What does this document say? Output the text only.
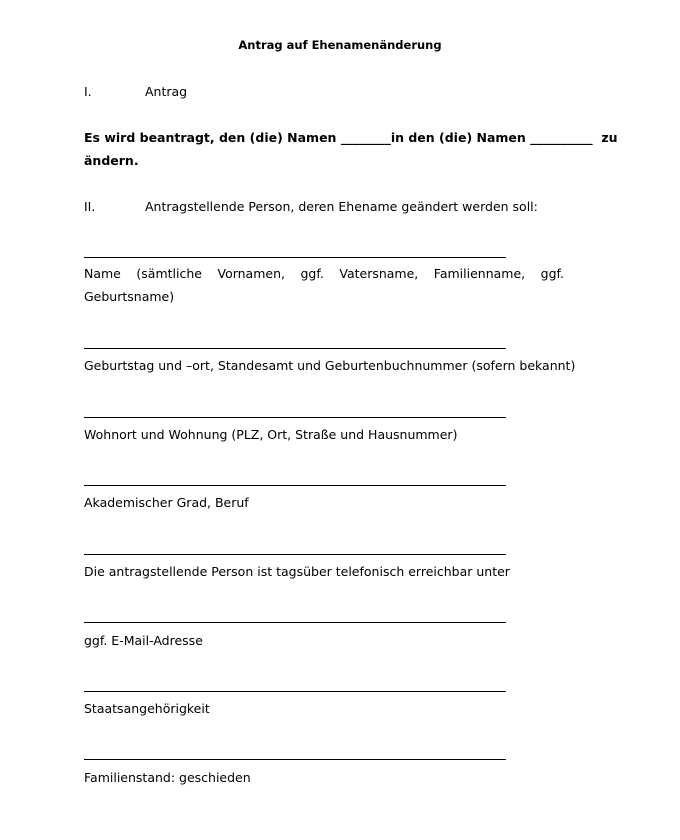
Antrag auf Ehenamenänderung
I.	Antrag
Es wird beantragt, den (die) Namen ________in den (die) Namen __________ zu
ändern.
II.	Antragstellende Person, deren Ehename geändert werden soll:
Name (sämtliche Vornamen, ggf. Vatersname, Familienname, ggf.
Geburtsname)
Geburtstag und –ort, Standesamt und Geburtenbuchnummer (sofern bekannt)
Wohnort und Wohnung (PLZ, Ort, Straße und Hausnummer)
Akademischer Grad, Beruf
Die antragstellende Person ist tagsüber telefonisch erreichbar unter
ggf. E-Mail-Adresse
Staatsangehörigkeit
Familienstand: geschieden
